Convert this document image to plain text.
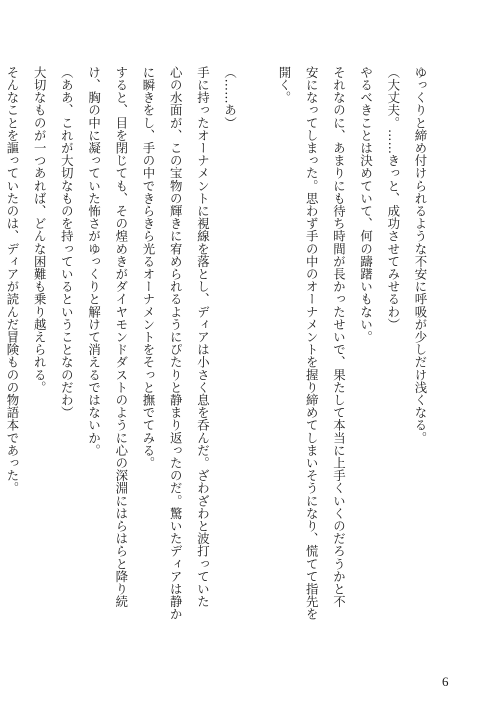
ゆっくりと締め付けられるような不安に呼吸が少しだけ浅くなる。
（大丈夫。……きっと、成功させてみせるわ）
やるべきことは決めていて、何の躊躇いもない。
それなのに、あまりにも待ち時間が長かったせいで、果たして本当に上手くいくのだろうかと不
安になってしまった。思わず手の中のオーナメントを握り締めてしまいそうになり、慌てて指先を
開く。
（……あ）
手に持ったオーナメントに視線を落とし、ディアは小さく息を呑んだ。ざわざわと波打っていた
心の水面が、この宝物の輝きに宥められるようにぴたりと静まり返ったのだ。驚いたディアは静か
に瞬きをし、手の中できらきら光るオーナメントをそっと撫でてみる。
すると、目を閉じても、その煌めきがダイヤモンドダストのように心の深淵にはらはらと降り続
け、胸の中に凝っていた怖さがゆっくりと解けて消えるではないか。
（ああ、これが大切なものを持っているということなのだわ）
大切なものが一つあれば、どんな困難も乗り越えられる。
そんなことを謳っていたのは、ディアが読んだ冒険ものの物語本であった。
6
